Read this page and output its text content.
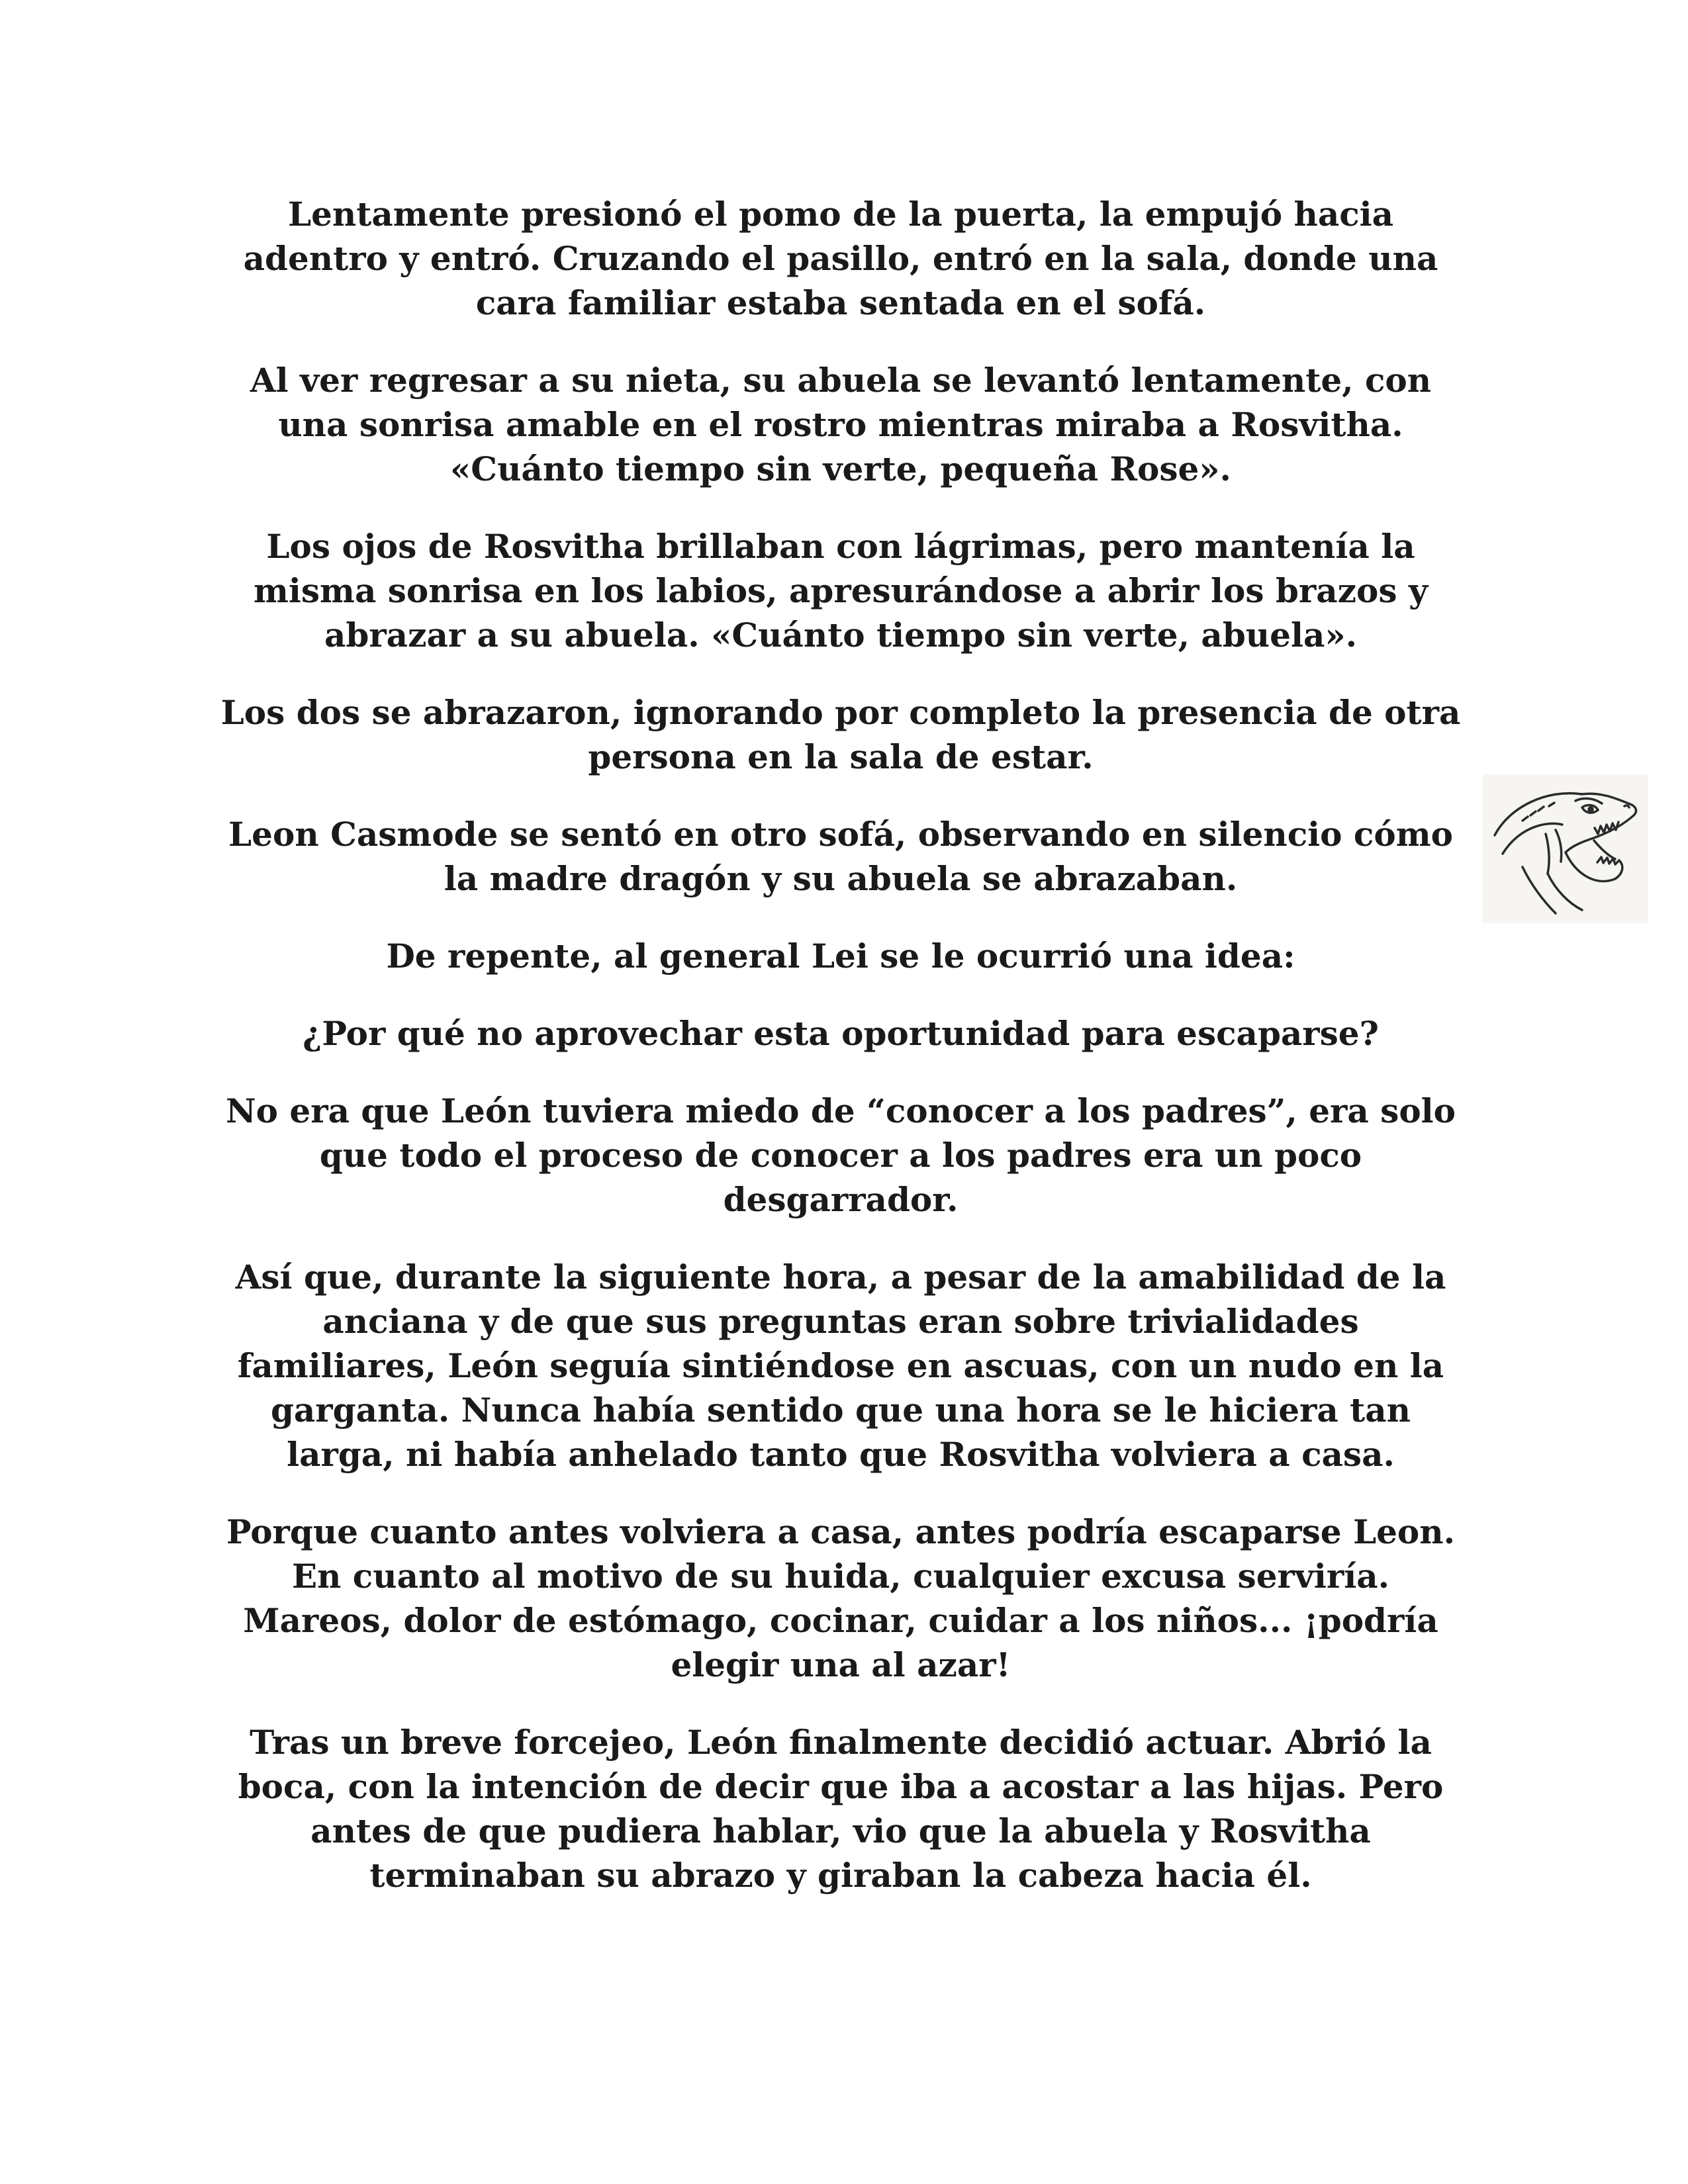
Lentamente presionó el pomo de la puerta, la empujó hacia adentro y entró. Cruzando el pasillo, entró en la sala, donde una cara familiar estaba sentada en el sofá.

Al ver regresar a su nieta, su abuela se levantó lentamente, con una sonrisa amable en el rostro mientras miraba a Rosvitha. «Cuánto tiempo sin verte, pequeña Rose».

Los ojos de Rosvitha brillaban con lágrimas, pero mantenía la misma sonrisa en los labios, apresurándose a abrir los brazos y abrazar a su abuela. «Cuánto tiempo sin verte, abuela».

Los dos se abrazaron, ignorando por completo la presencia de otra persona en la sala de estar.

Leon Casmode se sentó en otro sofá, observando en silencio cómo la madre dragón y su abuela se abrazaban.

De repente, al general Lei se le ocurrió una idea:

¿Por qué no aprovechar esta oportunidad para escaparse?

No era que León tuviera miedo de “conocer a los padres”, era solo que todo el proceso de conocer a los padres era un poco desgarrador.

Así que, durante la siguiente hora, a pesar de la amabilidad de la anciana y de que sus preguntas eran sobre trivialidades familiares, León seguía sintiéndose en ascuas, con un nudo en la garganta. Nunca había sentido que una hora se le hiciera tan larga, ni había anhelado tanto que Rosvitha volviera a casa.

Porque cuanto antes volviera a casa, antes podría escaparse Leon. En cuanto al motivo de su huida, cualquier excusa serviría. Mareos, dolor de estómago, cocinar, cuidar a los niños... ¡podría elegir una al azar!

Tras un breve forcejeo, León finalmente decidió actuar. Abrió la boca, con la intención de decir que iba a acostar a las hijas. Pero antes de que pudiera hablar, vio que la abuela y Rosvitha terminaban su abrazo y giraban la cabeza hacia él.
